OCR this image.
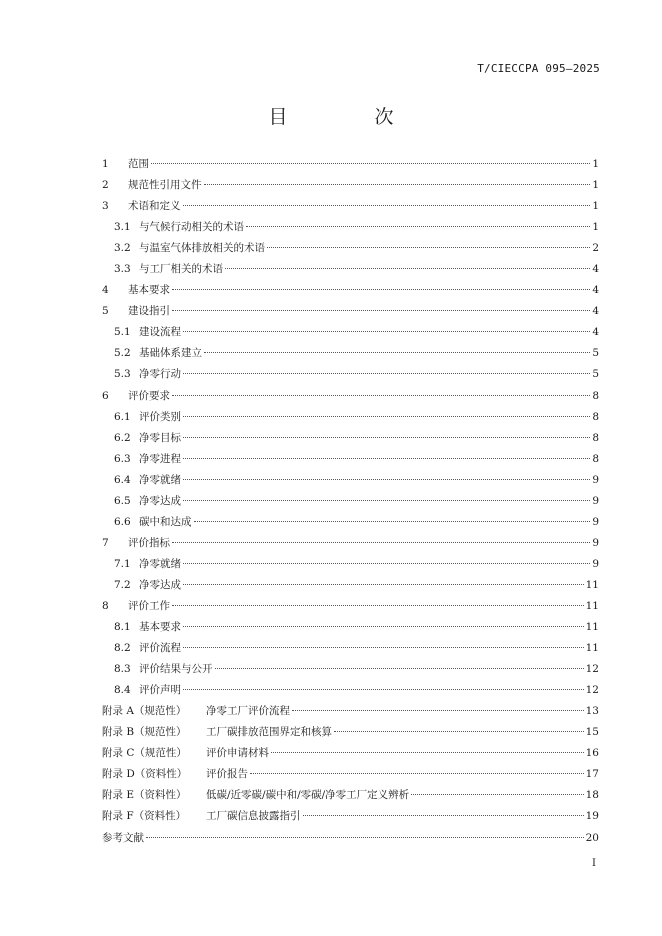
T/CIECCPA 095—2025
目　次
1	范围	1
2	规范性引用文件	1
3	术语和定义	1
3.1 与气候行动相关的术语	1
3.2 与温室气体排放相关的术语	2
3.3 与工厂相关的术语	4
4	基本要求	4
5	建设指引	4
5.1 建设流程	4
5.2 基础体系建立	5
5.3 净零行动	5
6	评价要求	8
6.1 评价类别	8
6.2 净零目标	8
6.3 净零进程	8
6.4 净零就绪	9
6.5 净零达成	9
6.6 碳中和达成	9
7	评价指标	9
7.1 净零就绪	9
7.2 净零达成	11
8	评价工作	11
8.1 基本要求	11
8.2 评价流程	11
8.3 评价结果与公开	12
8.4 评价声明	12
附录 A（规范性）	净零工厂评价流程	13
附录 B（规范性）	工厂碳排放范围界定和核算	15
附录 C（规范性）	评价申请材料	16
附录 D（资料性）	评价报告	17
附录 E（资料性）	低碳/近零碳/碳中和/零碳/净零工厂定义辨析	18
附录 F（资料性）	工厂碳信息披露指引	19
参考文献	20
I
